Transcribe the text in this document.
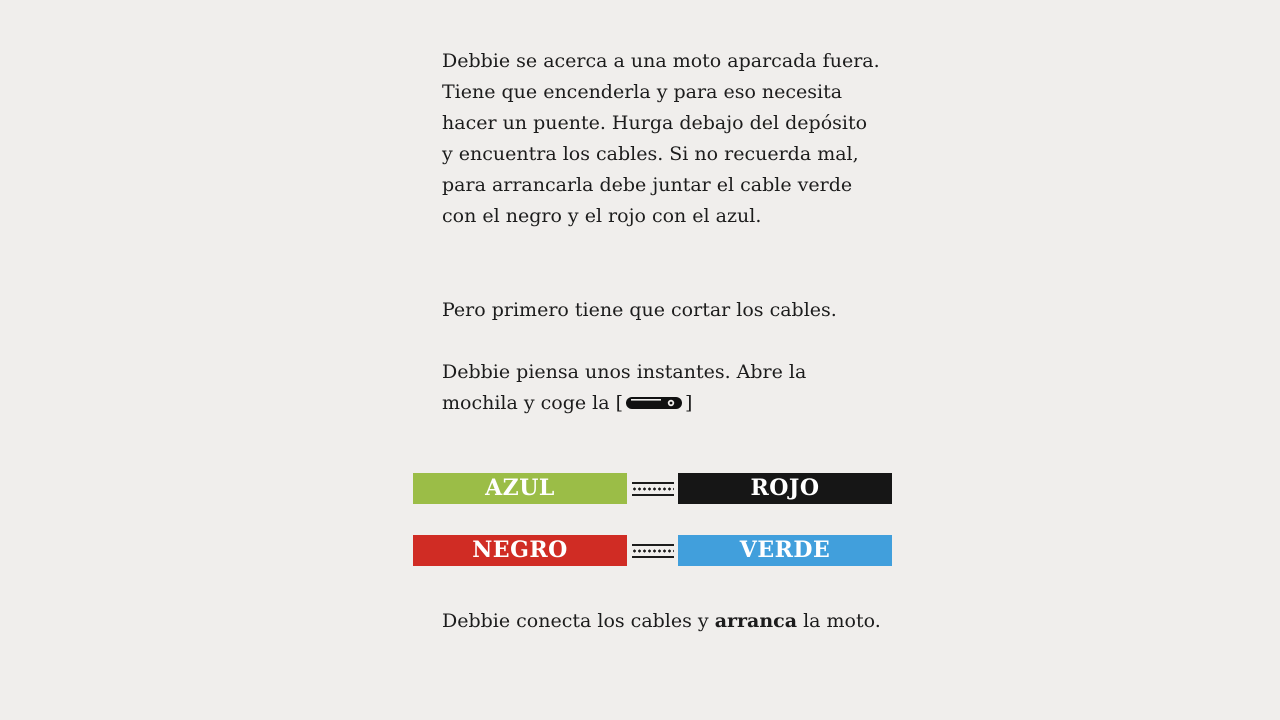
Debbie se acerca a una moto aparcada fuera. Tiene que encenderla y para eso necesita hacer un puente. Hurga debajo del depósito y encuentra los cables. Si no recuerda mal, para arrancarla debe juntar el cable verde con el negro y el rojo con el azul.

Pero primero tiene que cortar los cables.

Debbie piensa unos instantes. Abre la mochila y coge la [	]

AZUL	ROJO
NEGRO	VERDE

Debbie conecta los cables y arranca la moto.
